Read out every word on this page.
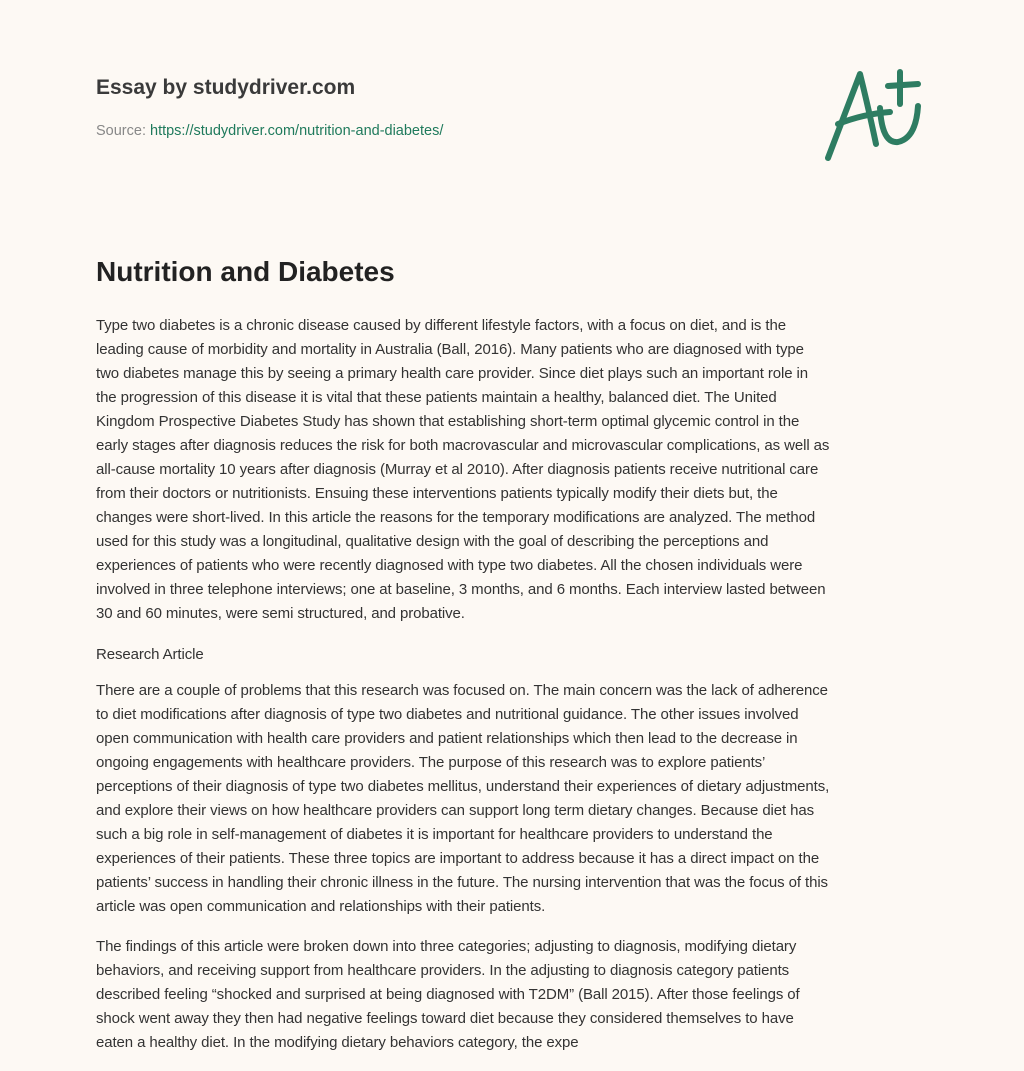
Essay by studydriver.com
Source: https://studydriver.com/nutrition-and-diabetes/
Nutrition and Diabetes
Type two diabetes is a chronic disease caused by different lifestyle factors, with a focus on diet, and is the
leading cause of morbidity and mortality in Australia (Ball, 2016). Many patients who are diagnosed with type
two diabetes manage this by seeing a primary health care provider. Since diet plays such an important role in
the progression of this disease it is vital that these patients maintain a healthy, balanced diet. The United
Kingdom Prospective Diabetes Study has shown that establishing short-term optimal glycemic control in the
early stages after diagnosis reduces the risk for both macrovascular and microvascular complications, as well as
all-cause mortality 10 years after diagnosis (Murray et al 2010). After diagnosis patients receive nutritional care
from their doctors or nutritionists. Ensuing these interventions patients typically modify their diets but, the
changes were short-lived. In this article the reasons for the temporary modifications are analyzed. The method
used for this study was a longitudinal, qualitative design with the goal of describing the perceptions and
experiences of patients who were recently diagnosed with type two diabetes. All the chosen individuals were
involved in three telephone interviews; one at baseline, 3 months, and 6 months. Each interview lasted between
30 and 60 minutes, were semi structured, and probative.
Research Article
There are a couple of problems that this research was focused on. The main concern was the lack of adherence
to diet modifications after diagnosis of type two diabetes and nutritional guidance. The other issues involved
open communication with health care providers and patient relationships which then lead to the decrease in
ongoing engagements with healthcare providers. The purpose of this research was to explore patients’
perceptions of their diagnosis of type two diabetes mellitus, understand their experiences of dietary adjustments,
and explore their views on how healthcare providers can support long term dietary changes. Because diet has
such a big role in self-management of diabetes it is important for healthcare providers to understand the
experiences of their patients. These three topics are important to address because it has a direct impact on the
patients’ success in handling their chronic illness in the future. The nursing intervention that was the focus of this
article was open communication and relationships with their patients.
The findings of this article were broken down into three categories; adjusting to diagnosis, modifying dietary
behaviors, and receiving support from healthcare providers. In the adjusting to diagnosis category patients
described feeling “shocked and surprised at being diagnosed with T2DM” (Ball 2015). After those feelings of
shock went away they then had negative feelings toward diet because they considered themselves to have
eaten a healthy diet. In the modifying dietary behaviors category, the expe
